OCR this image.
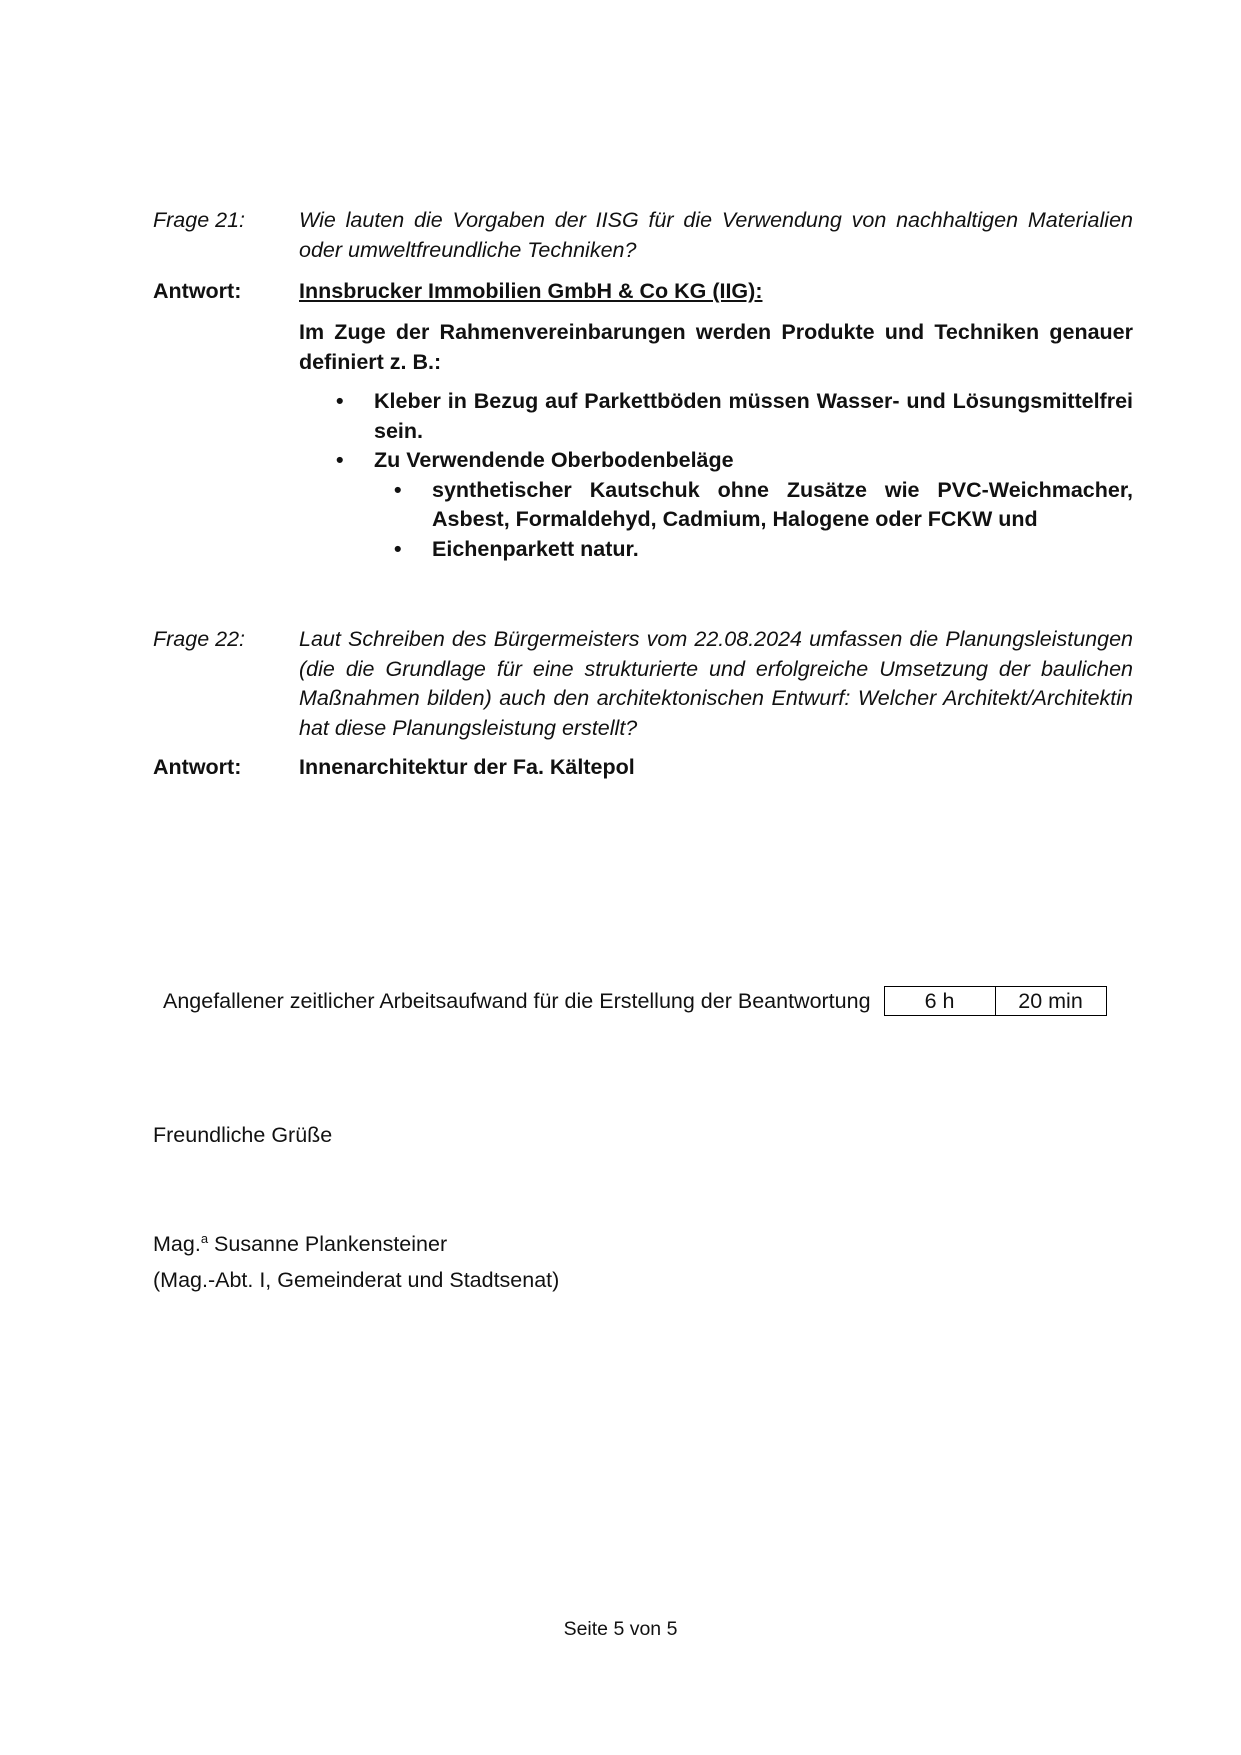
Frage 21:	Wie lauten die Vorgaben der IISG für die Verwendung von nachhaltigen Materialien oder umweltfreundliche Techniken?
Antwort:	Innsbrucker Immobilien GmbH & Co KG (IIG):
Im Zuge der Rahmenvereinbarungen werden Produkte und Techniken genauer definiert z. B.:
• Kleber in Bezug auf Parkettböden müssen Wasser- und Lösungsmittelfrei sein.
• Zu Verwendende Oberbodenbeläge
• synthetischer Kautschuk ohne Zusätze wie PVC-Weichmacher, Asbest, Formaldehyd, Cadmium, Halogene oder FCKW und
• Eichenparkett natur.
Frage 22:	Laut Schreiben des Bürgermeisters vom 22.08.2024 umfassen die Planungsleistungen (die die Grundlage für eine strukturierte und erfolgreiche Umsetzung der baulichen Maßnahmen bilden) auch den architektonischen Entwurf: Welcher Architekt/Architektin hat diese Planungsleistung erstellt?
Antwort:	Innenarchitektur der Fa. Kältepol
Angefallener zeitlicher Arbeitsaufwand für die Erstellung der Beantwortung	6 h	20 min
Freundliche Grüße
Mag.$^a$ Susanne Plankensteiner
(Mag.-Abt. I, Gemeinderat und Stadtsenat)
Seite 5 von 5
